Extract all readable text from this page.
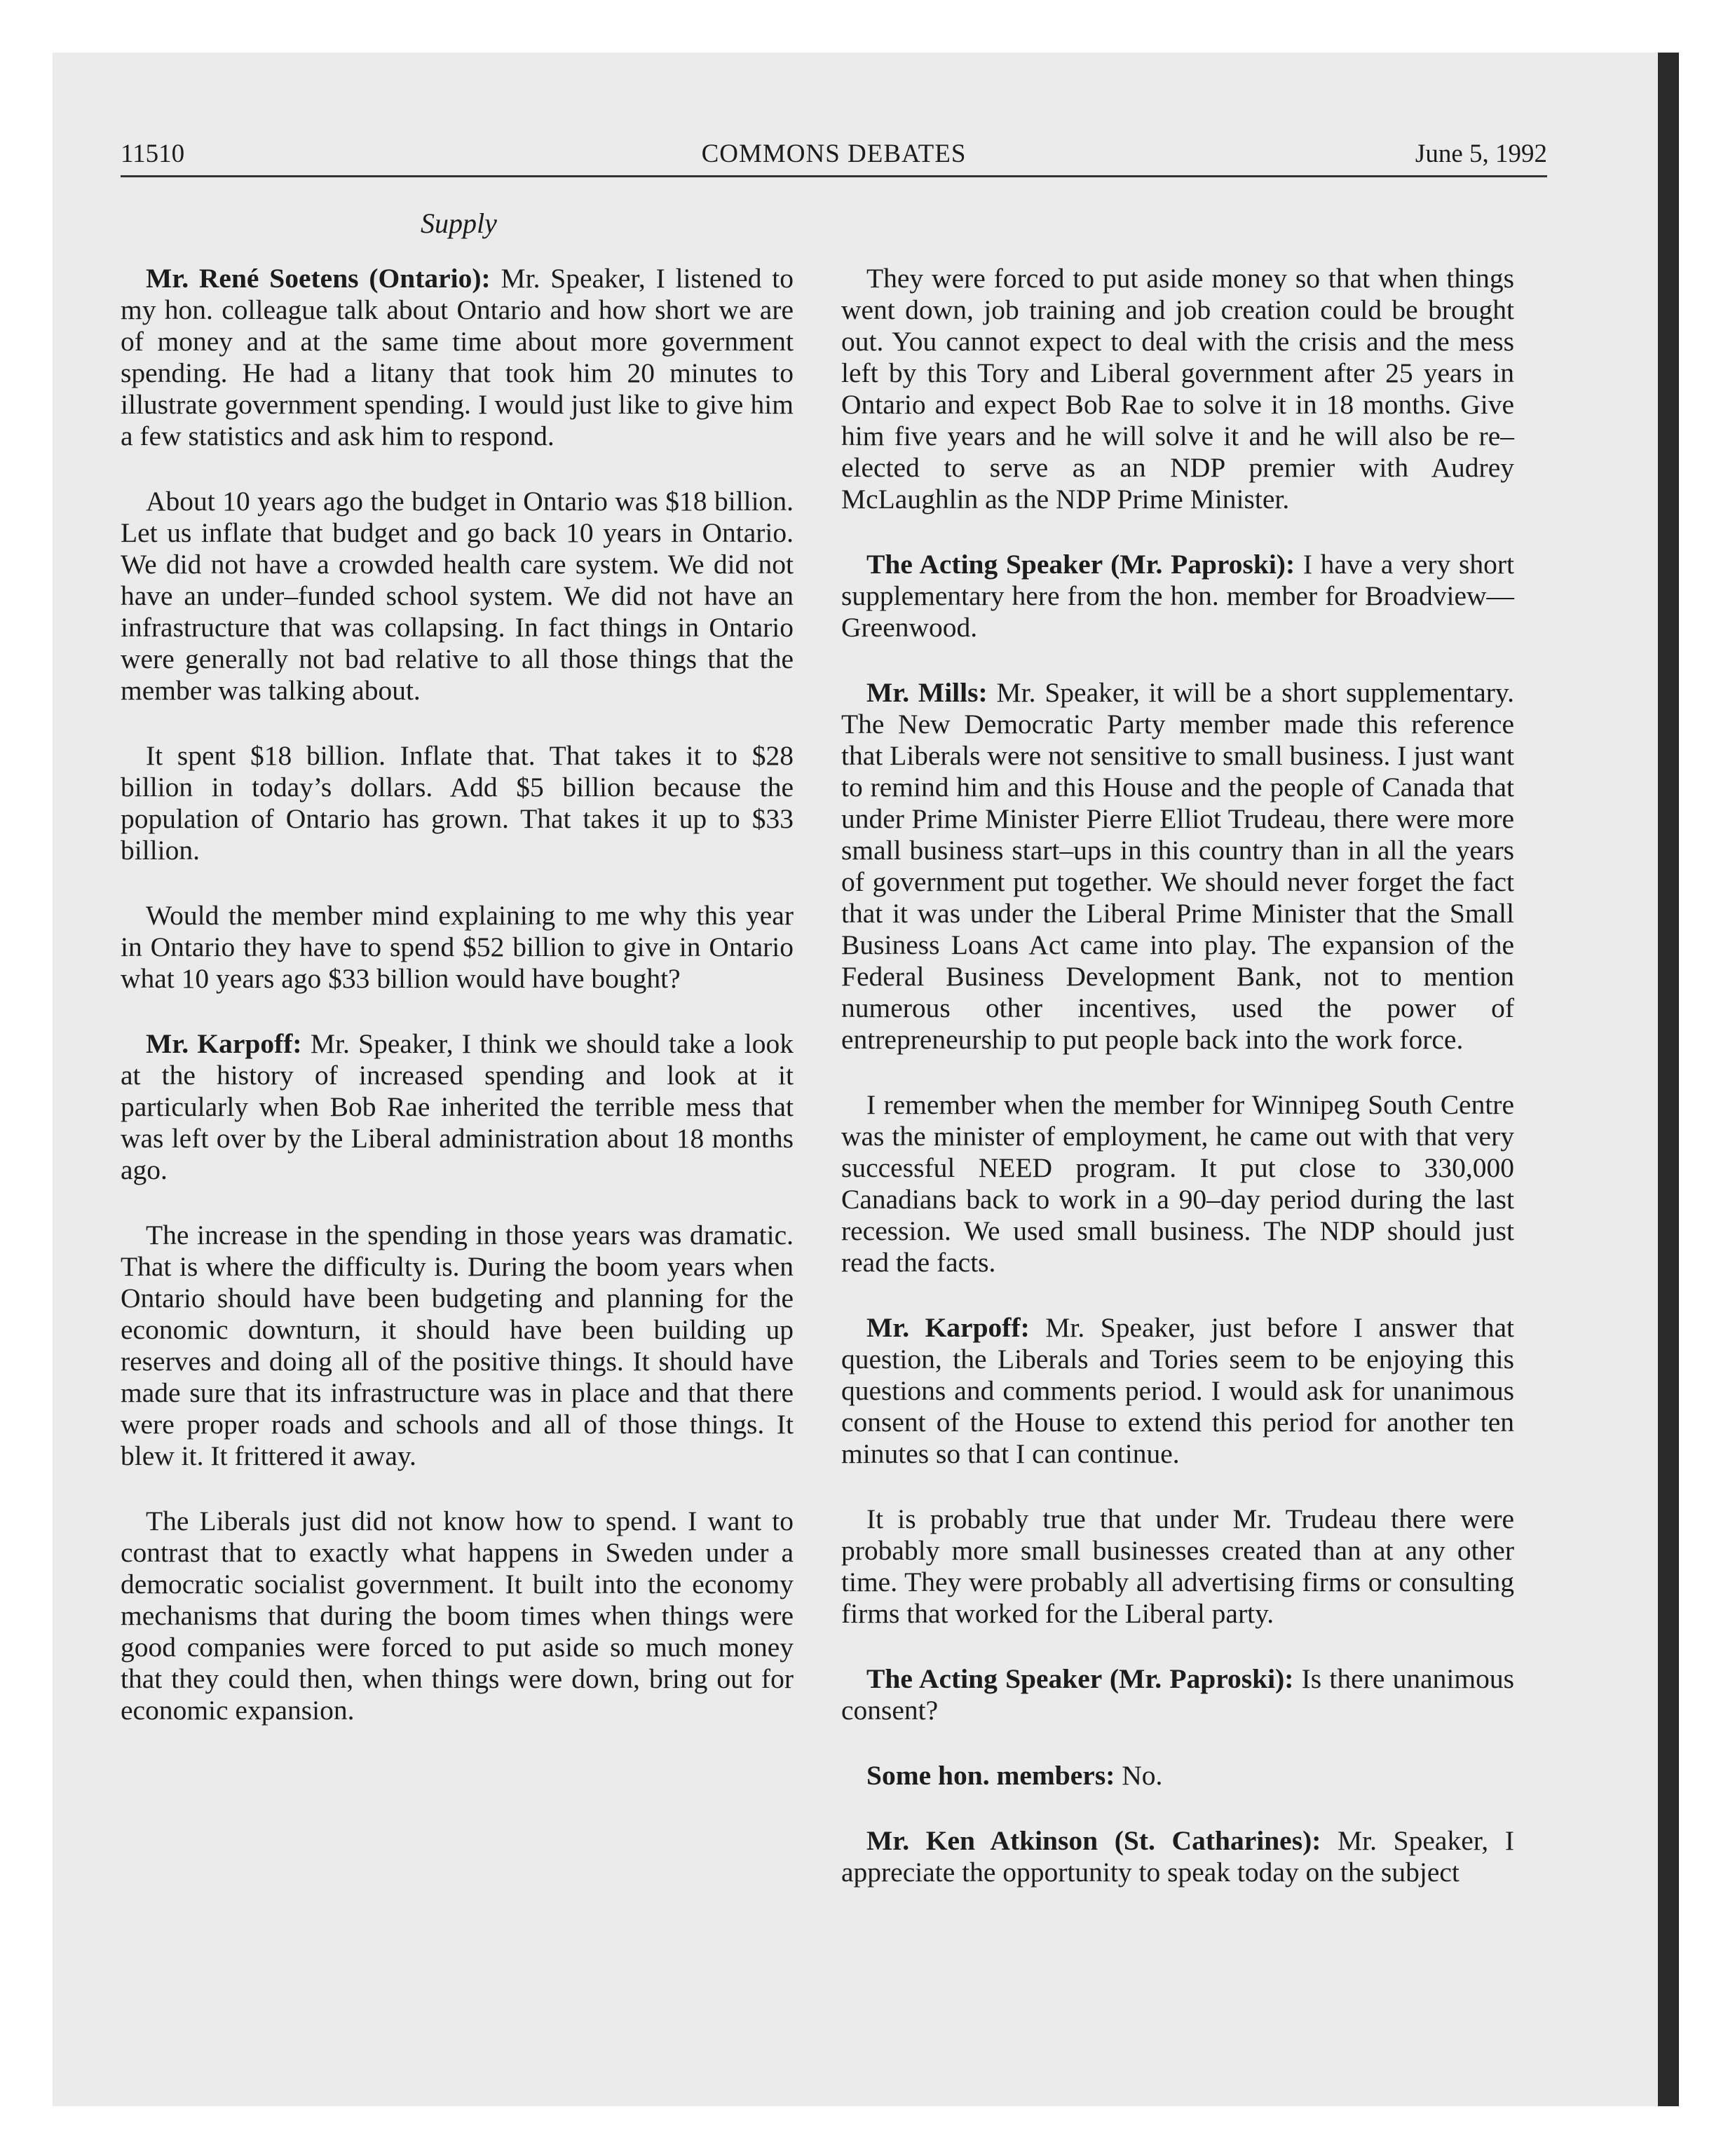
11510	COMMONS DEBATES	June 5, 1992
Supply

Mr. René Soetens (Ontario): Mr. Speaker, I listened to my hon. colleague talk about Ontario and how short we are of money and at the same time about more government spending. He had a litany that took him 20 minutes to illustrate government spending. I would just like to give him a few statistics and ask him to respond.

About 10 years ago the budget in Ontario was $18 billion. Let us inflate that budget and go back 10 years in Ontario. We did not have a crowded health care system. We did not have an under–funded school system. We did not have an infrastructure that was collapsing. In fact things in Ontario were generally not bad relative to all those things that the member was talking about.

It spent $18 billion. Inflate that. That takes it to $28 billion in today’s dollars. Add $5 billion because the population of Ontario has grown. That takes it up to $33 billion.

Would the member mind explaining to me why this year in Ontario they have to spend $52 billion to give in Ontario what 10 years ago $33 billion would have bought?

Mr. Karpoff: Mr. Speaker, I think we should take a look at the history of increased spending and look at it particularly when Bob Rae inherited the terrible mess that was left over by the Liberal administration about 18 months ago.

The increase in the spending in those years was dramatic. That is where the difficulty is. During the boom years when Ontario should have been budgeting and planning for the economic downturn, it should have been building up reserves and doing all of the positive things. It should have made sure that its infrastructure was in place and that there were proper roads and schools and all of those things. It blew it. It frittered it away.

The Liberals just did not know how to spend. I want to contrast that to exactly what happens in Sweden under a democratic socialist government. It built into the economy mechanisms that during the boom times when things were good companies were forced to put aside so much money that they could then, when things were down, bring out for economic expansion.

They were forced to put aside money so that when things went down, job training and job creation could be brought out. You cannot expect to deal with the crisis and the mess left by this Tory and Liberal government after 25 years in Ontario and expect Bob Rae to solve it in 18 months. Give him five years and he will solve it and he will also be re–elected to serve as an NDP premier with Audrey McLaughlin as the NDP Prime Minister.

The Acting Speaker (Mr. Paproski): I have a very short supplementary here from the hon. member for Broadview—Greenwood.

Mr. Mills: Mr. Speaker, it will be a short supplementary. The New Democratic Party member made this reference that Liberals were not sensitive to small business. I just want to remind him and this House and the people of Canada that under Prime Minister Pierre Elliot Trudeau, there were more small business start–ups in this country than in all the years of government put together. We should never forget the fact that it was under the Liberal Prime Minister that the Small Business Loans Act came into play. The expansion of the Federal Business Development Bank, not to mention numerous other incentives, used the power of entrepreneurship to put people back into the work force.

I remember when the member for Winnipeg South Centre was the minister of employment, he came out with that very successful NEED program. It put close to 330,000 Canadians back to work in a 90–day period during the last recession. We used small business. The NDP should just read the facts.

Mr. Karpoff: Mr. Speaker, just before I answer that question, the Liberals and Tories seem to be enjoying this questions and comments period. I would ask for unanimous consent of the House to extend this period for another ten minutes so that I can continue.

It is probably true that under Mr. Trudeau there were probably more small businesses created than at any other time. They were probably all advertising firms or consulting firms that worked for the Liberal party.

The Acting Speaker (Mr. Paproski): Is there unanimous consent?

Some hon. members: No.

Mr. Ken Atkinson (St. Catharines): Mr. Speaker, I appreciate the opportunity to speak today on the subject
